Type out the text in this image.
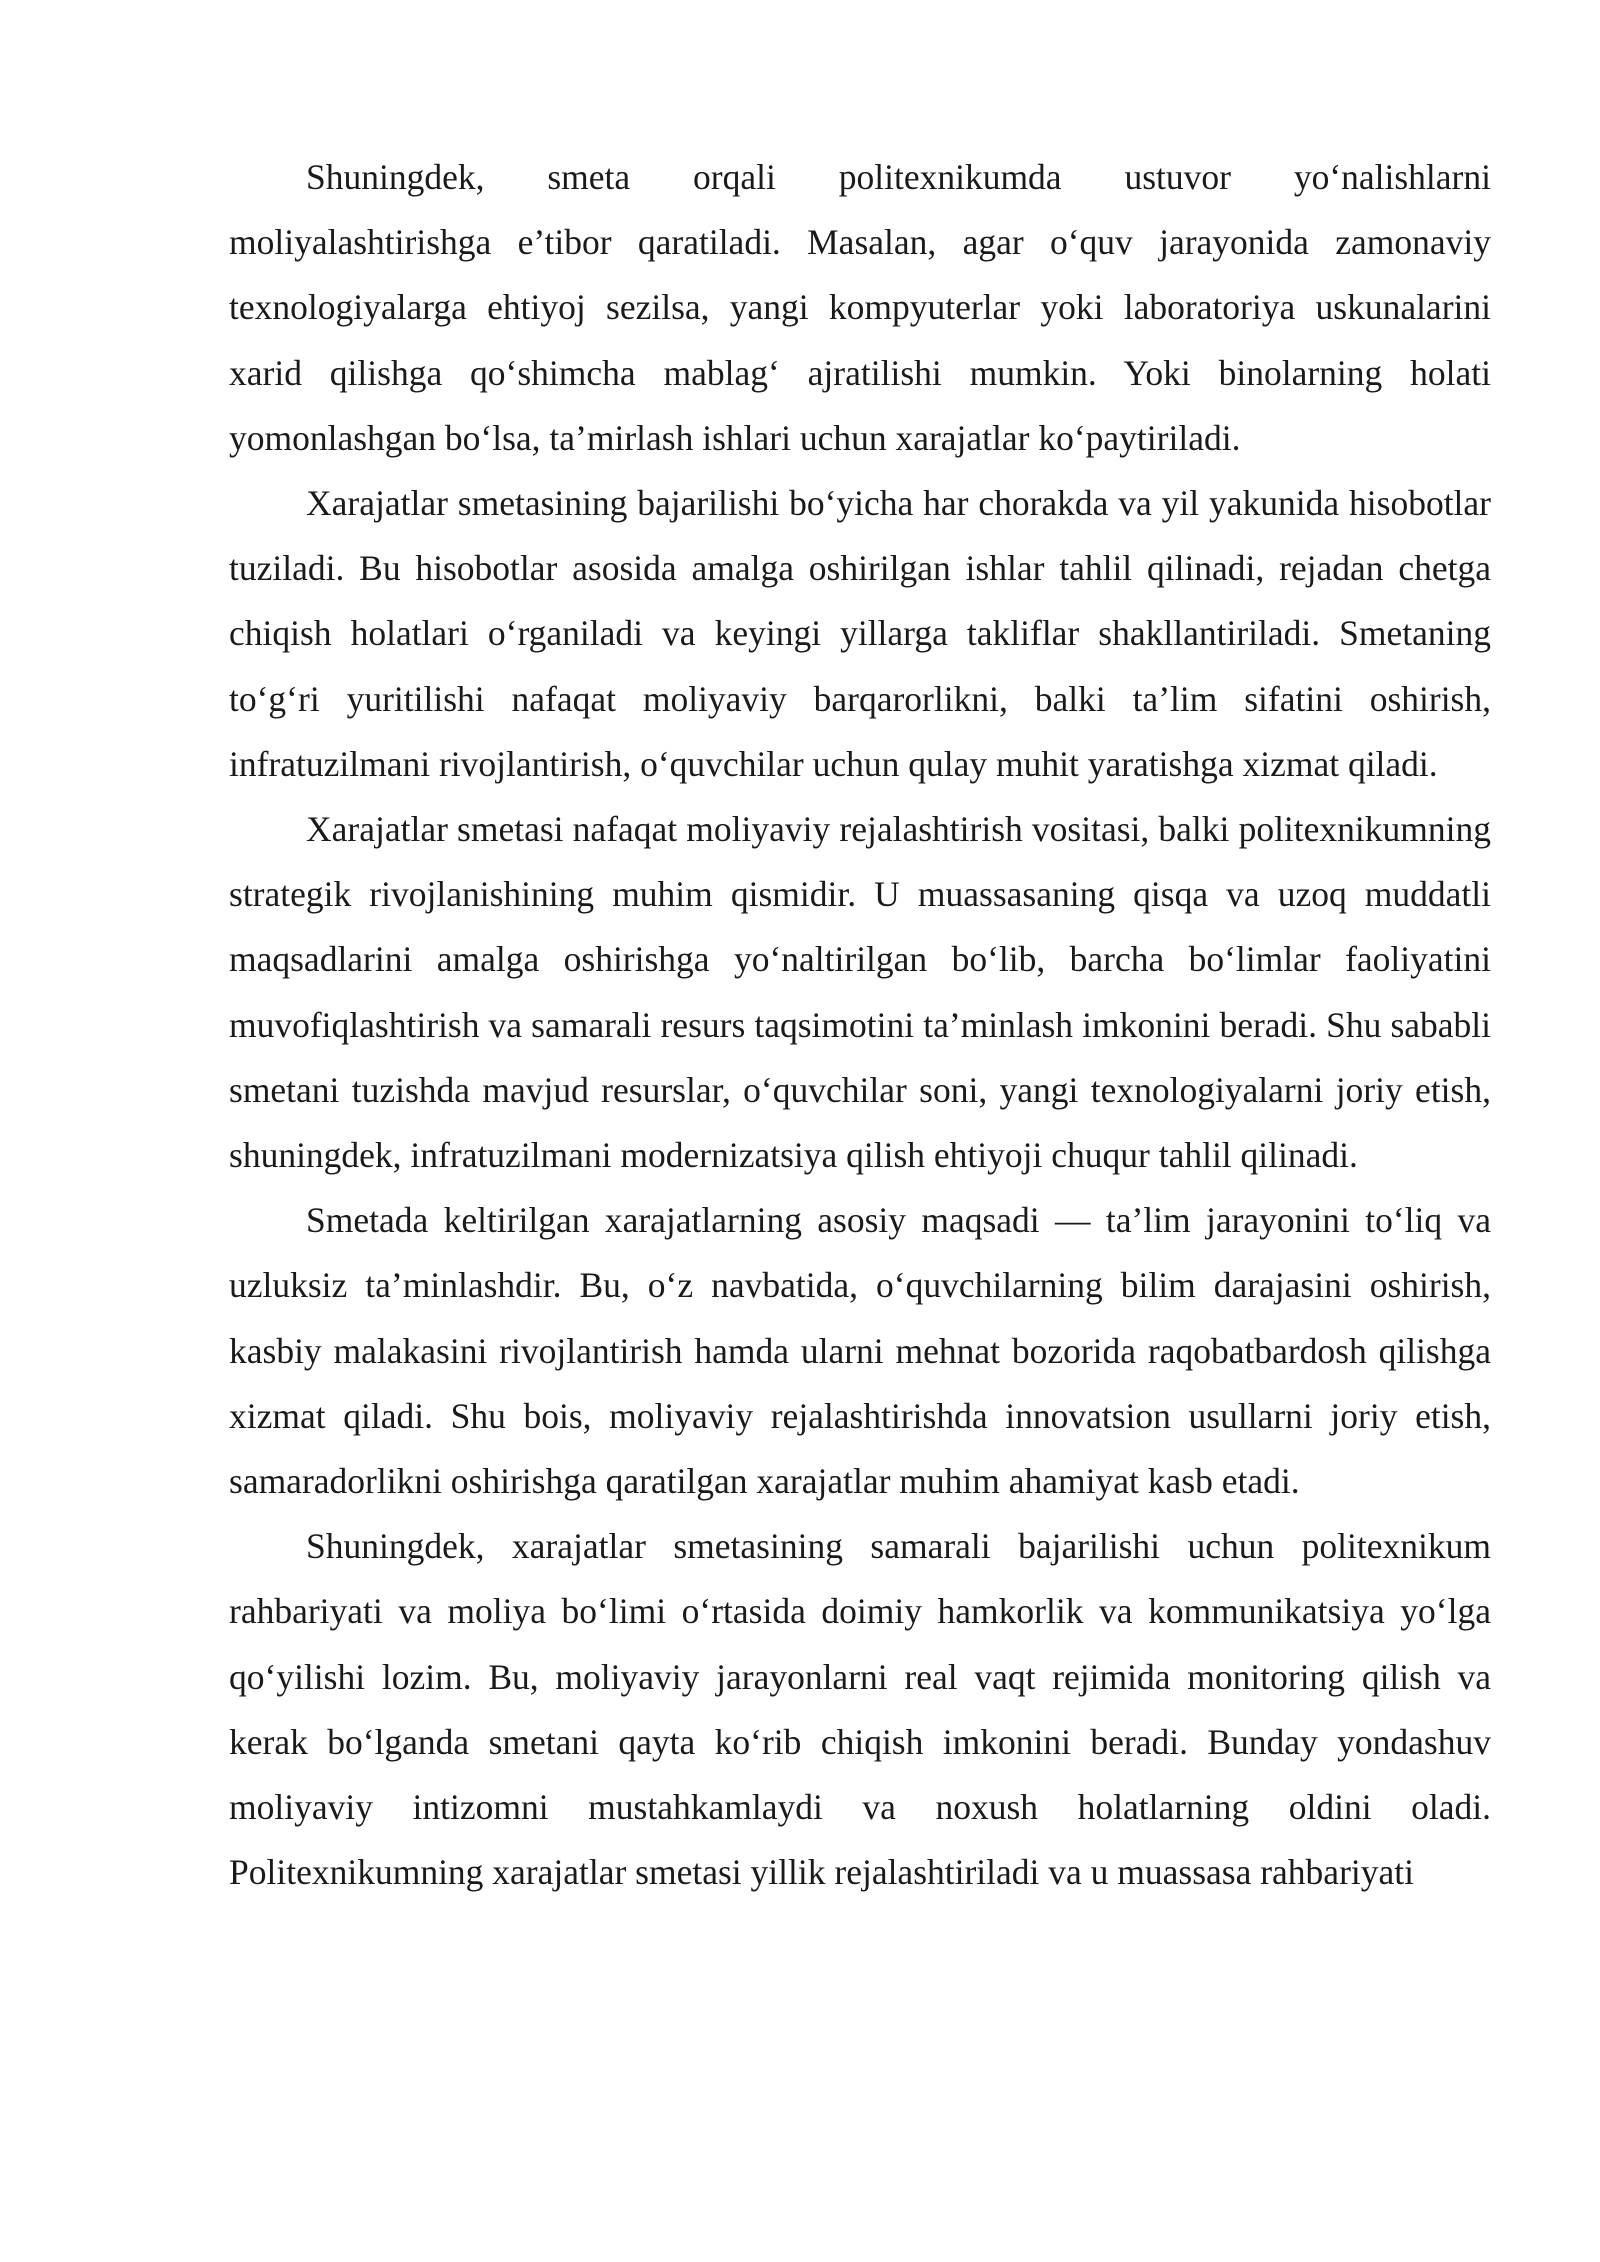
Shuningdek, smeta orqali politexnikumda ustuvor yo‘nalishlarni moliyalashtirishga e’tibor qaratiladi. Masalan, agar o‘quv jarayonida zamonaviy texnologiyalarga ehtiyoj sezilsa, yangi kompyuterlar yoki laboratoriya uskunalarini xarid qilishga qo‘shimcha mablag‘ ajratilishi mumkin. Yoki binolarning holati yomonlashgan bo‘lsa, ta’mirlash ishlari uchun xarajatlar ko‘paytiriladi.

Xarajatlar smetasining bajarilishi bo‘yicha har chorakda va yil yakunida hisobotlar tuziladi. Bu hisobotlar asosida amalga oshirilgan ishlar tahlil qilinadi, rejadan chetga chiqish holatlari o‘rganiladi va keyingi yillarga takliflar shakllantiriladi. Smetaning to‘g‘ri yuritilishi nafaqat moliyaviy barqarorlikni, balki ta’lim sifatini oshirish, infratuzilmani rivojlantirish, o‘quvchilar uchun qulay muhit yaratishga xizmat qiladi.

Xarajatlar smetasi nafaqat moliyaviy rejalashtirish vositasi, balki politexnikumning strategik rivojlanishining muhim qismidir. U muassasaning qisqa va uzoq muddatli maqsadlarini amalga oshirishga yo‘naltirilgan bo‘lib, barcha bo‘limlar faoliyatini muvofiqlashtirish va samarali resurs taqsimotini ta’minlash imkonini beradi. Shu sababli smetani tuzishda mavjud resurslar, o‘quvchilar soni, yangi texnologiyalarni joriy etish, shuningdek, infratuzilmani modernizatsiya qilish ehtiyoji chuqur tahlil qilinadi.

Smetada keltirilgan xarajatlarning asosiy maqsadi — ta’lim jarayonini to‘liq va uzluksiz ta’minlashdir. Bu, o‘z navbatida, o‘quvchilarning bilim darajasini oshirish, kasbiy malakasini rivojlantirish hamda ularni mehnat bozorida raqobatbardosh qilishga xizmat qiladi. Shu bois, moliyaviy rejalashtirishda innovatsion usullarni joriy etish, samaradorlikni oshirishga qaratilgan xarajatlar muhim ahamiyat kasb etadi.

Shuningdek, xarajatlar smetasining samarali bajarilishi uchun politexnikum rahbariyati va moliya bo‘limi o‘rtasida doimiy hamkorlik va kommunikatsiya yo‘lga qo‘yilishi lozim. Bu, moliyaviy jarayonlarni real vaqt rejimida monitoring qilish va kerak bo‘lganda smetani qayta ko‘rib chiqish imkonini beradi. Bunday yondashuv moliyaviy intizomni mustahkamlaydi va noxush holatlarning oldini oladi. Politexnikumning xarajatlar smetasi yillik rejalashtiriladi va u muassasa rahbariyati
